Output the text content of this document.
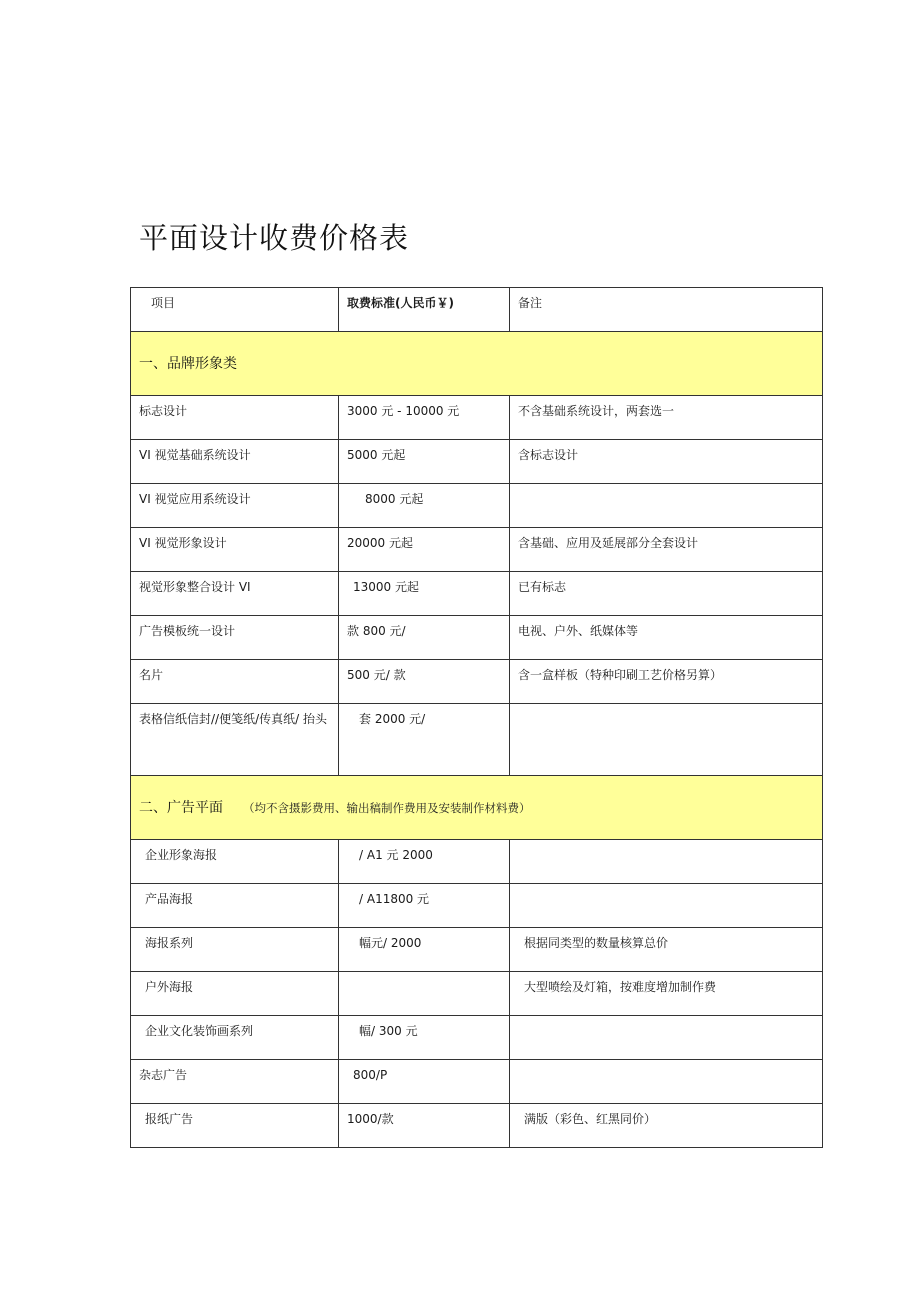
平面设计收费价格表
项目	取费标准(人民币￥)	备注
一、品牌形象类		
标志设计	3000 元 - 10000 元	不含基础系统设计，两套选一
VI 视觉基础系统设计	5000 元起	含标志设计
VI 视觉应用系统设计	8000 元起	
VI 视觉形象设计	20000 元起	含基础、应用及延展部分全套设计
视觉形象整合设计 VI	13000 元起	已有标志
广告模板统一设计	款 800 元/	电视、户外、纸媒体等
名片	500 元/ 款	含一盒样板（特种印刷工艺价格另算）

表格信纸信封//便笺纸/传真纸/ 抬头	套 2000 元/	
二、广告平面 （均不含摄影费用、输出稿制作费用及安装制作材料费）		
企业形象海报	/ A1 元 2000	
产品海报	/ A11800 元	
海报系列	幅元/ 2000	根据同类型的数量核算总价
户外海报		大型喷绘及灯箱，按难度增加制作费
企业文化装饰画系列	幅/ 300 元	
杂志广告	800/P	
报纸广告	1000/款	满版（彩色、红黑同价）
